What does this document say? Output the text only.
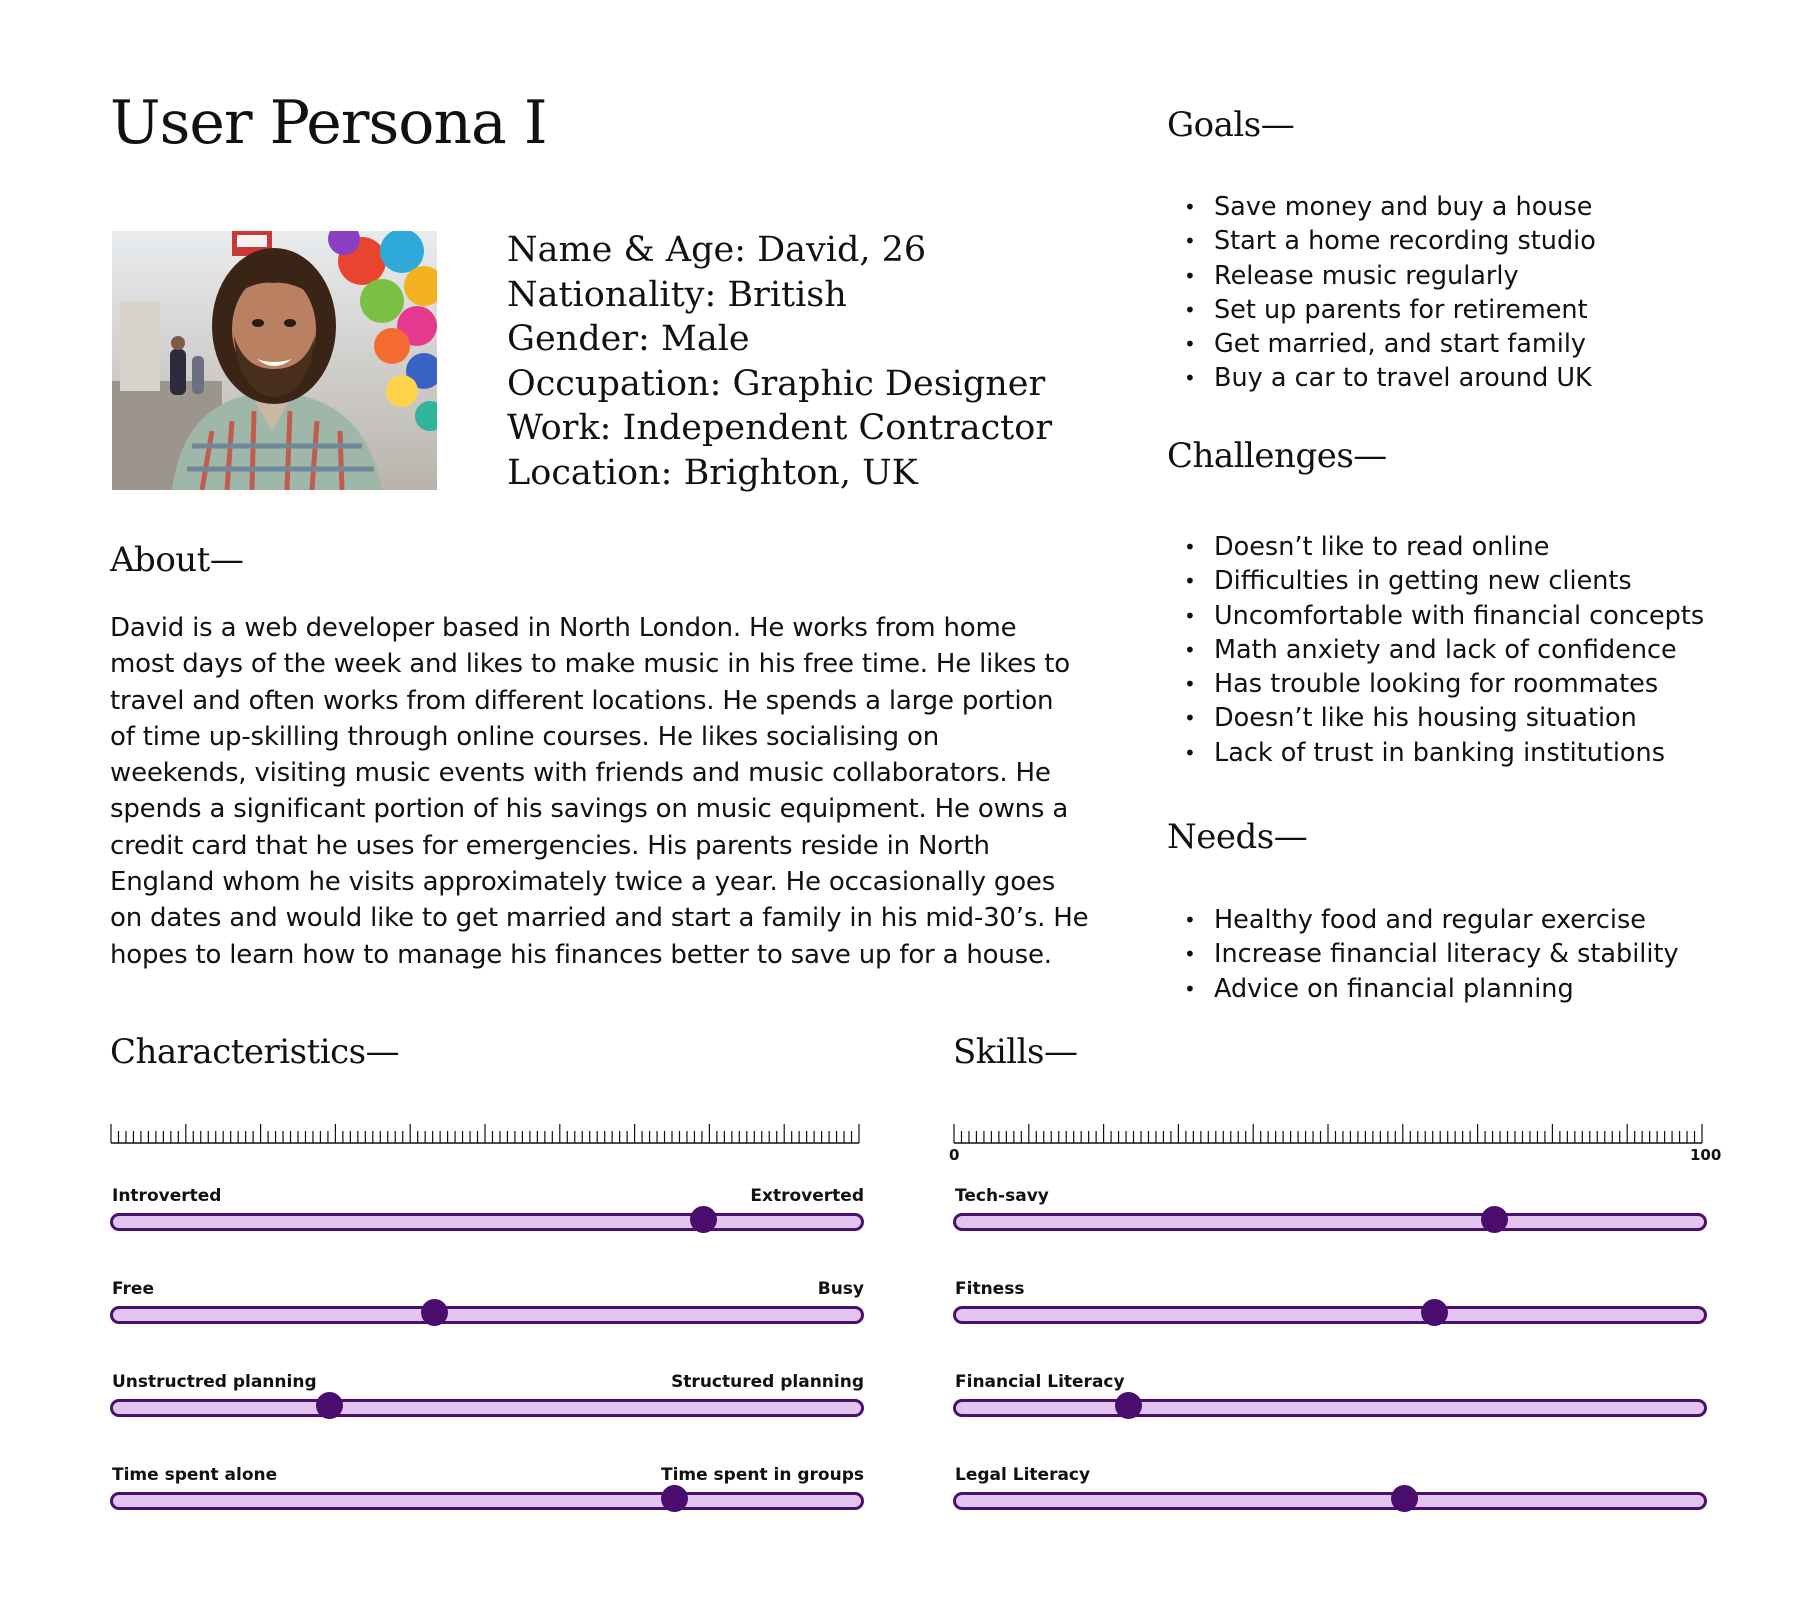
User Persona I
Name & Age: David, 26
Nationality: British
Gender: Male
Occupation: Graphic Designer
Work: Independent Contractor
Location: Brighton, UK
About—
David is a web developer based in North London. He works from home
most days of the week and likes to make music in his free time. He likes to
travel and often works from different locations. He spends a large portion
of time up-skilling through online courses. He likes socialising on
weekends, visiting music events with friends and music collaborators. He
spends a significant portion of his savings on music equipment. He owns a
credit card that he uses for emergencies. His parents reside in North
England whom he visits approximately twice a year. He occasionally goes
on dates and would like to get married and start a family in his mid-30’s. He
hopes to learn how to manage his finances better to save up for a house.
Goals—
• Save money and buy a house
• Start a home recording studio
• Release music regularly
• Set up parents for retirement
• Get married, and start family
• Buy a car to travel around UK
Challenges—
• Doesn’t like to read online
• Difficulties in getting new clients
• Uncomfortable with financial concepts
• Math anxiety and lack of confidence
• Has trouble looking for roommates
• Doesn’t like his housing situation
• Lack of trust in banking institutions
Needs—
• Healthy food and regular exercise
• Increase financial literacy & stability
• Advice on financial planning
Characteristics—
Introverted	Extroverted
Free	Busy
Unstructred planning	Structured planning
Time spent alone	Time spent in groups
Skills—
0	100
Tech-savy
Fitness
Financial Literacy
Legal Literacy
